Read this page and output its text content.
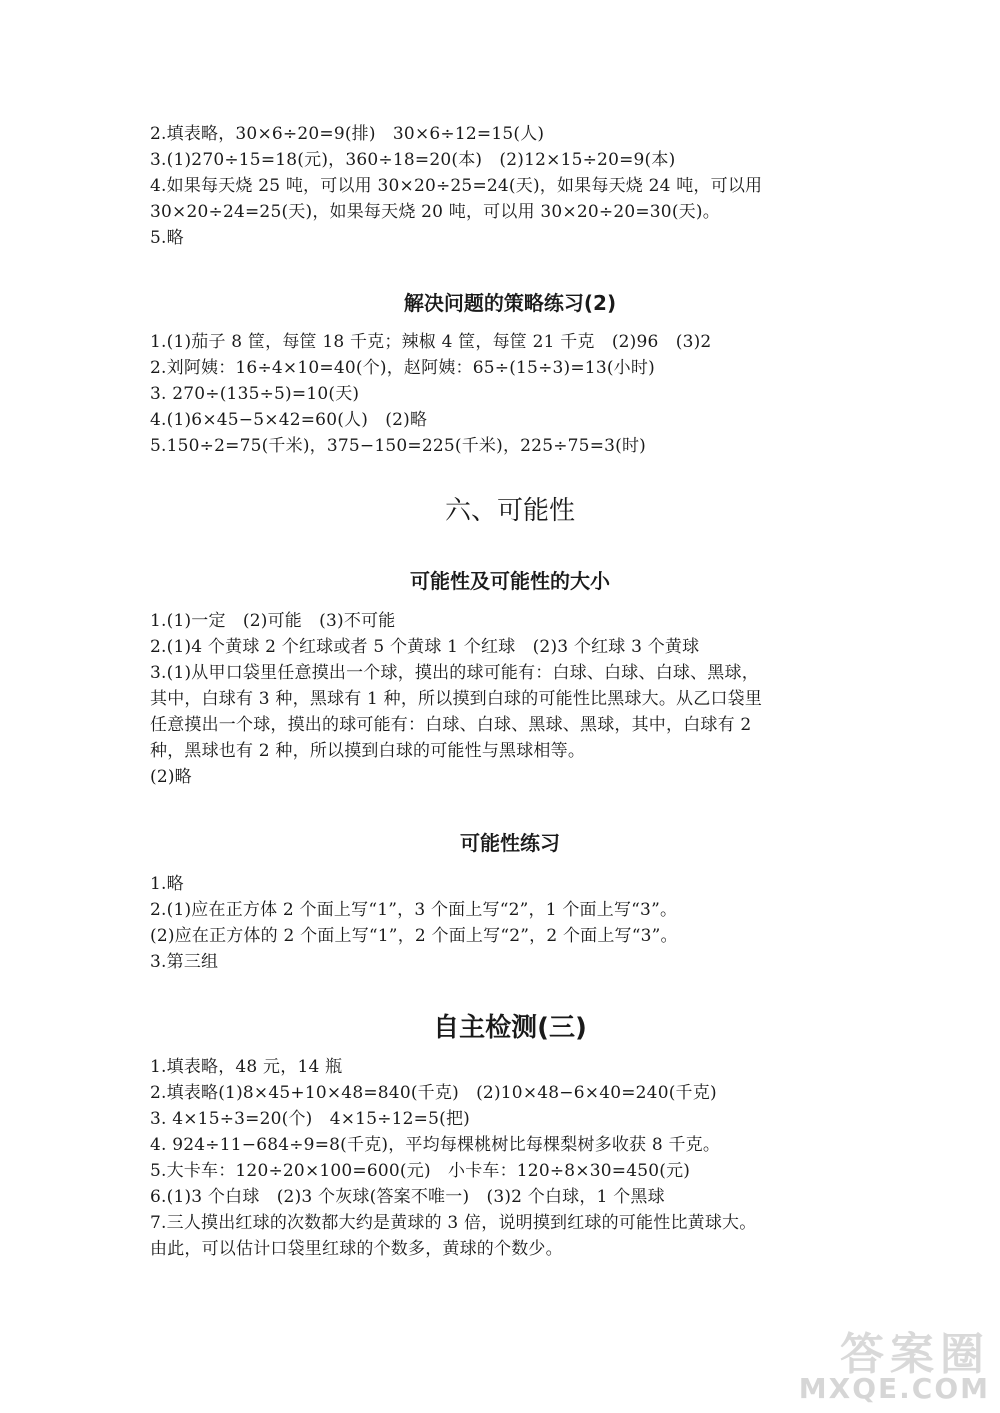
2.填表略，30×6÷20=9(排)　30×6÷12=15(人)
3.(1)270÷15=18(元)，360÷18=20(本)　(2)12×15÷20=9(本)
4.如果每天烧 25 吨，可以用 30×20÷25=24(天)，如果每天烧 24 吨，可以用
30×20÷24=25(天)，如果每天烧 20 吨，可以用 30×20÷20=30(天)。
5.略
解决问题的策略练习(2)
1.(1)茄子 8 筐，每筐 18 千克；辣椒 4 筐，每筐 21 千克　(2)96　(3)2
2.刘阿姨：16÷4×10=40(个)，赵阿姨：65÷(15÷3)=13(小时)
3. 270÷(135÷5)=10(天)
4.(1)6×45−5×42=60(人)　(2)略
5.150÷2=75(千米)，375−150=225(千米)，225÷75=3(时)
六、可能性
可能性及可能性的大小
1.(1)一定　(2)可能　(3)不可能
2.(1)4 个黄球 2 个红球或者 5 个黄球 1 个红球　(2)3 个红球 3 个黄球
3.(1)从甲口袋里任意摸出一个球，摸出的球可能有：白球、白球、白球、黑球，
其中，白球有 3 种，黑球有 1 种，所以摸到白球的可能性比黑球大。从乙口袋里
任意摸出一个球，摸出的球可能有：白球、白球、黑球、黑球，其中，白球有 2
种，黑球也有 2 种，所以摸到白球的可能性与黑球相等。
(2)略
可能性练习
1.略
2.(1)应在正方体 2 个面上写“1”，3 个面上写“2”，1 个面上写“3”。
(2)应在正方体的 2 个面上写“1”，2 个面上写“2”，2 个面上写“3”。
3.第三组
自主检测(三)
1.填表略，48 元，14 瓶
2.填表略(1)8×45+10×48=840(千克)　(2)10×48−6×40=240(千克)
3. 4×15÷3=20(个)　4×15÷12=5(把)
4. 924÷11−684÷9=8(千克)，平均每棵桃树比每棵梨树多收获 8 千克。
5.大卡车：120÷20×100=600(元)　小卡车：120÷8×30=450(元)
6.(1)3 个白球　(2)3 个灰球(答案不唯一)　(3)2 个白球，1 个黑球
7.三人摸出红球的次数都大约是黄球的 3 倍，说明摸到红球的可能性比黄球大。
由此，可以估计口袋里红球的个数多，黄球的个数少。
答案圈
MXQE.COM
